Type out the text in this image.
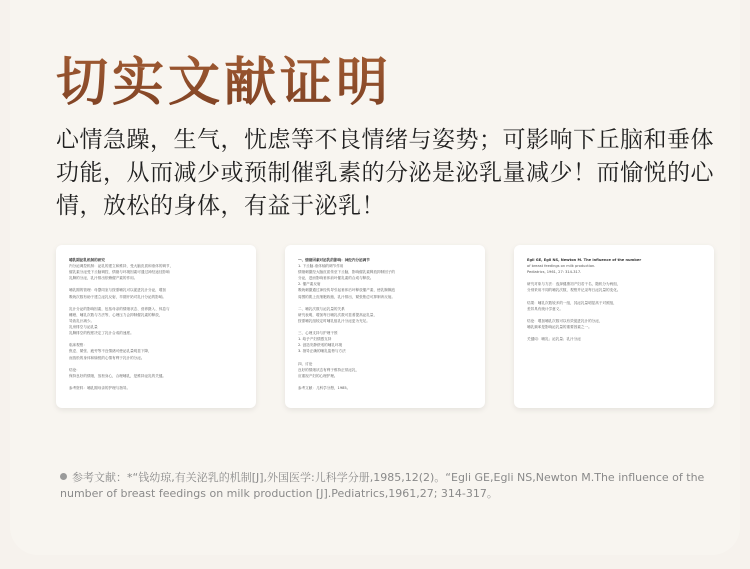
切实文献证明

心情急躁，生气，忧虑等不良情绪与姿势；可影响下丘脑和垂体功能，从而减少或预制催乳素的分泌是泌乳量减少！而愉悦的心情，放松的身体，有益于泌乳！

哺乳期泌乳机制的研究
内分泌调控机制：泌乳的建立和维持，受大脑皮质和垂体的调节，
催乳素分泌受下丘脑调控，情绪与环境因素可通过神经途径影响
乳腺的分泌，乳汁排出依赖催产素的作用。
哺乳期的管理：母婴同室与按需哺乳可以促进乳汁分泌，增加
吸吮次数有助于建立泌乳反射，早期开奶对乳汁分泌的影响。
乳汁分泌的影响因素，包括母亲的情绪状态、营养摄入、休息与
睡眠、哺乳次数与方法等，心理压力会抑制催乳素的释放，
导致乳汁减少。
乳房排空与泌乳量
乳腺排空的程度决定了乳汁合成的速度。
临床观察：
焦虑、紧张、疲劳等不良情绪可使泌乳量明显下降，
而放松的身体和愉悦的心情有利于乳汁的分泌。
结论：
保持良好的情绪，放松身心，合理哺乳，是维持泌乳的关键。
参考资料：哺乳期母亲的护理与指导。
一、情绪因素对泌乳的影响：神经内分泌调节
1. 下丘脑-垂体轴的调节作用
情绪刺激经大脑皮质传至下丘脑，影响催乳素释放抑制因子的
分泌，进而影响垂体前叶催乳素的合成与释放。
2. 催产素反射
吸吮刺激通过神经传导引起垂体后叶释放催产素，使乳腺腺泡
周围的肌上皮细胞收缩，乳汁排出，紧张焦虑可抑制该反射。
二、哺乳次数与泌乳量的关系
研究表明，增加每日哺乳次数可显著提高泌乳量，
按需哺乳组较定时哺乳组乳汁分泌更为充足。
三、心理支持与护理干预
1. 给予产妇情感支持
2. 创造安静舒适的哺乳环境
3. 指导正确的哺乳姿势与方法
四、讨论
良好的情绪状态有利于维持正常泌乳，
应重视产妇的心理护理。
参考文献：儿科学分册，1985。
Egli GE, Egli NS, Newton M. The influence of the number
of breast feedings on milk production.
Pediatrics, 1961, 27: 314-317.
研究对象与方法：选择健康初产妇若干名，随机分为两组，
分别采用不同的哺乳次数，观察并记录每日泌乳量的变化。
结果：哺乳次数较多的一组，其泌乳量明显高于对照组，
差异具有统计学意义。
结论：增加哺乳次数可以有效促进乳汁的分泌，
哺乳频率是影响泌乳量的重要因素之一。
关键词：哺乳；泌乳量；乳汁分泌

参考文献：*“钱幼琼,有关泌乳的机制[J],外国医学:儿科学分册,1985,12(2)。“Egli GE,Egli NS,Newton M.The influence of the number of breast feedings on milk production [J].Pediatrics,1961,27; 314-317。
